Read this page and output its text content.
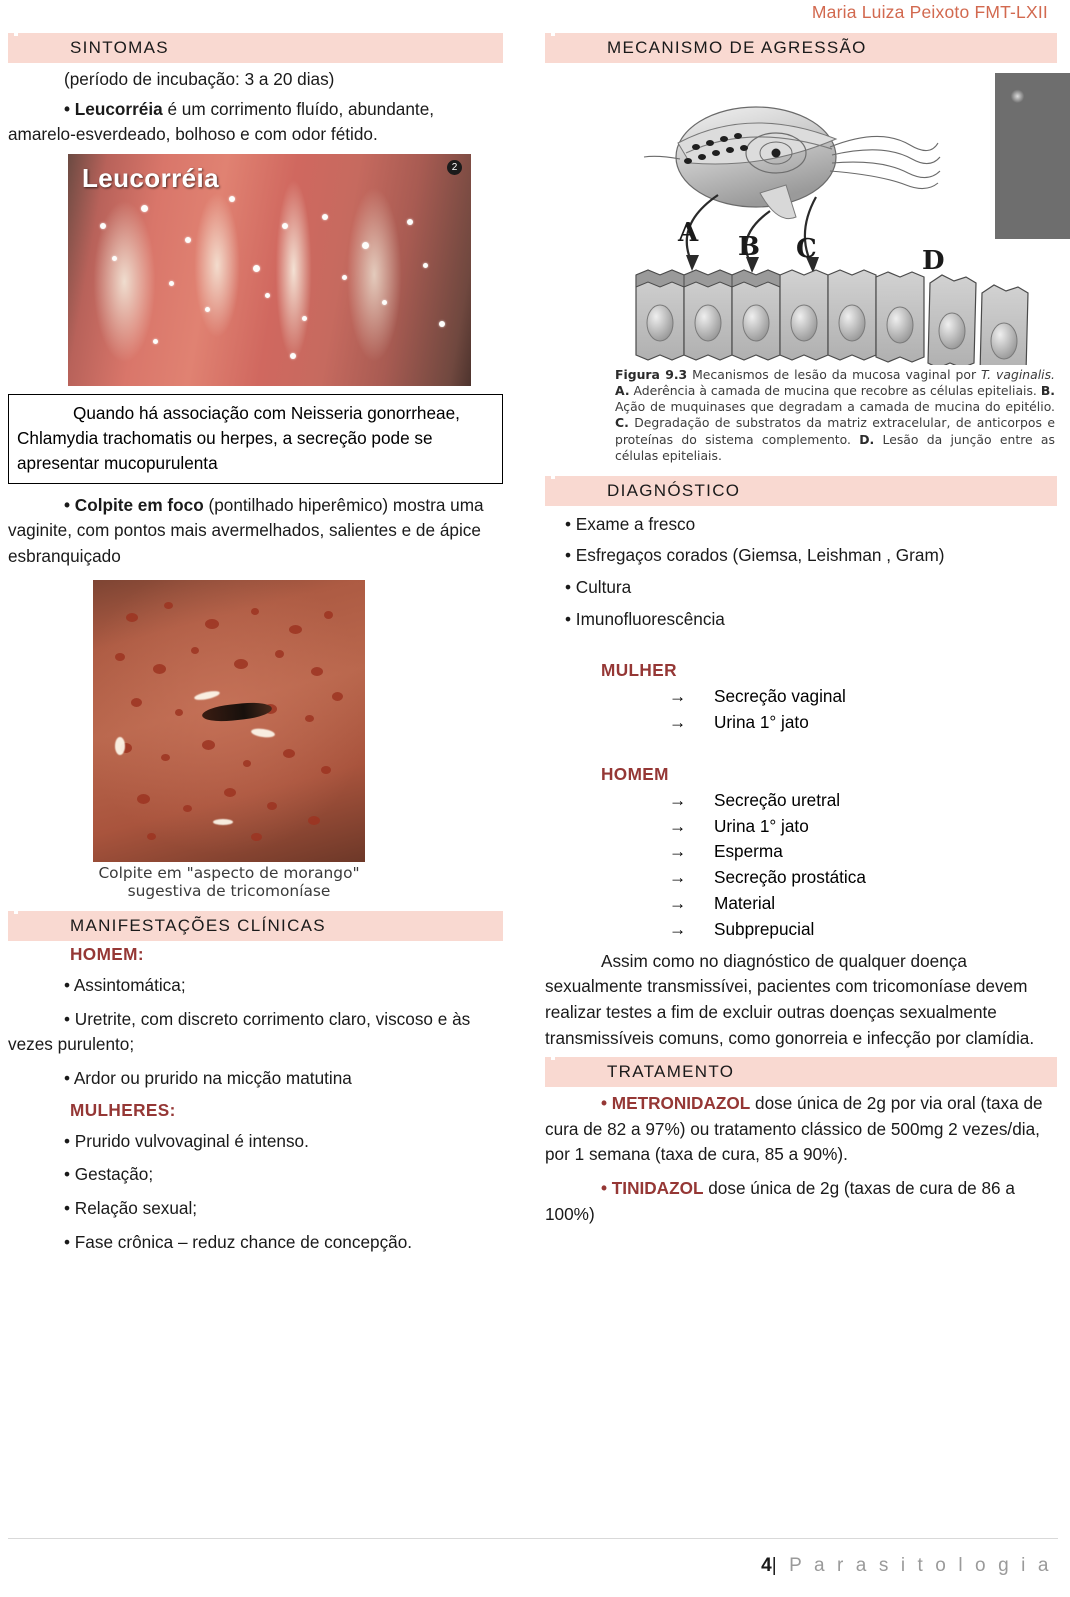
Maria Luiza Peixoto FMT-LXII
SINTOMAS

(período de incubação: 3 a 20 dias)

• Leucorréia é um corrimento fluído, abundante, amarelo-esverdeado, bolhoso e com odor fétido.

Leucorréia	2
Quando há associação com Neisseria gonorrheae, Chlamydia trachomatis ou herpes, a secreção pode se apresentar mucopurulenta

• Colpite em foco (pontilhado hiperêmico) mostra uma vaginite, com pontos mais avermelhados, salientes e de ápice esbranquiçado

Colpite em "aspecto de morango"
sugestiva de tricomoníase
MANIFESTAÇÕES CLÍNICAS
HOMEM:

• Assintomática;

• Uretrite, com discreto corrimento claro, viscoso e às vezes purulento;

• Ardor ou prurido na micção matutina

MULHERES:

• Prurido vulvovaginal é intenso.

• Gestação;

• Relação sexual;

• Fase crônica – reduz chance de concepção.

MECANISMO DE AGRESSÃO
A B C	D
Figura 9.3 Mecanismos de lesão da mucosa vaginal por T. vaginalis. A. Aderência à camada de mucina que recobre as células epiteliais. B. Ação de muquinases que degradam a camada de mucina do epitélio. C. Degradação de substratos da matriz extracelular, de anticorpos e proteínas do sistema complemento. D. Lesão da junção entre as células epiteliais.
DIAGNÓSTICO

• Exame a fresco

• Esfregaços corados (Giemsa, Leishman , Gram)

• Cultura

• Imunofluorescência

MULHER
→	Secreção vaginal
→	Urina 1° jato
HOMEM
→	Secreção uretral
→	Urina 1° jato
→	Esperma
→	Secreção prostática
→	Material
→	Subprepucial

Assim como no diagnóstico de qualquer doença sexualmente transmissívei, pacientes com tricomoníase devem realizar testes a fim de excluir outras doenças sexualmente transmissíveis comuns, como gonorreia e infecção por clamídia.

TRATAMENTO

• METRONIDAZOL dose única de 2g por via oral (taxa de cura de 82 a 97%) ou tratamento clássico de 500mg 2 vezes/dia, por 1 semana (taxa de cura, 85 a 90%).

• TINIDAZOL dose única de 2g (taxas de cura de 86 a 100%)

4| P a r a s i t o l o g i a
